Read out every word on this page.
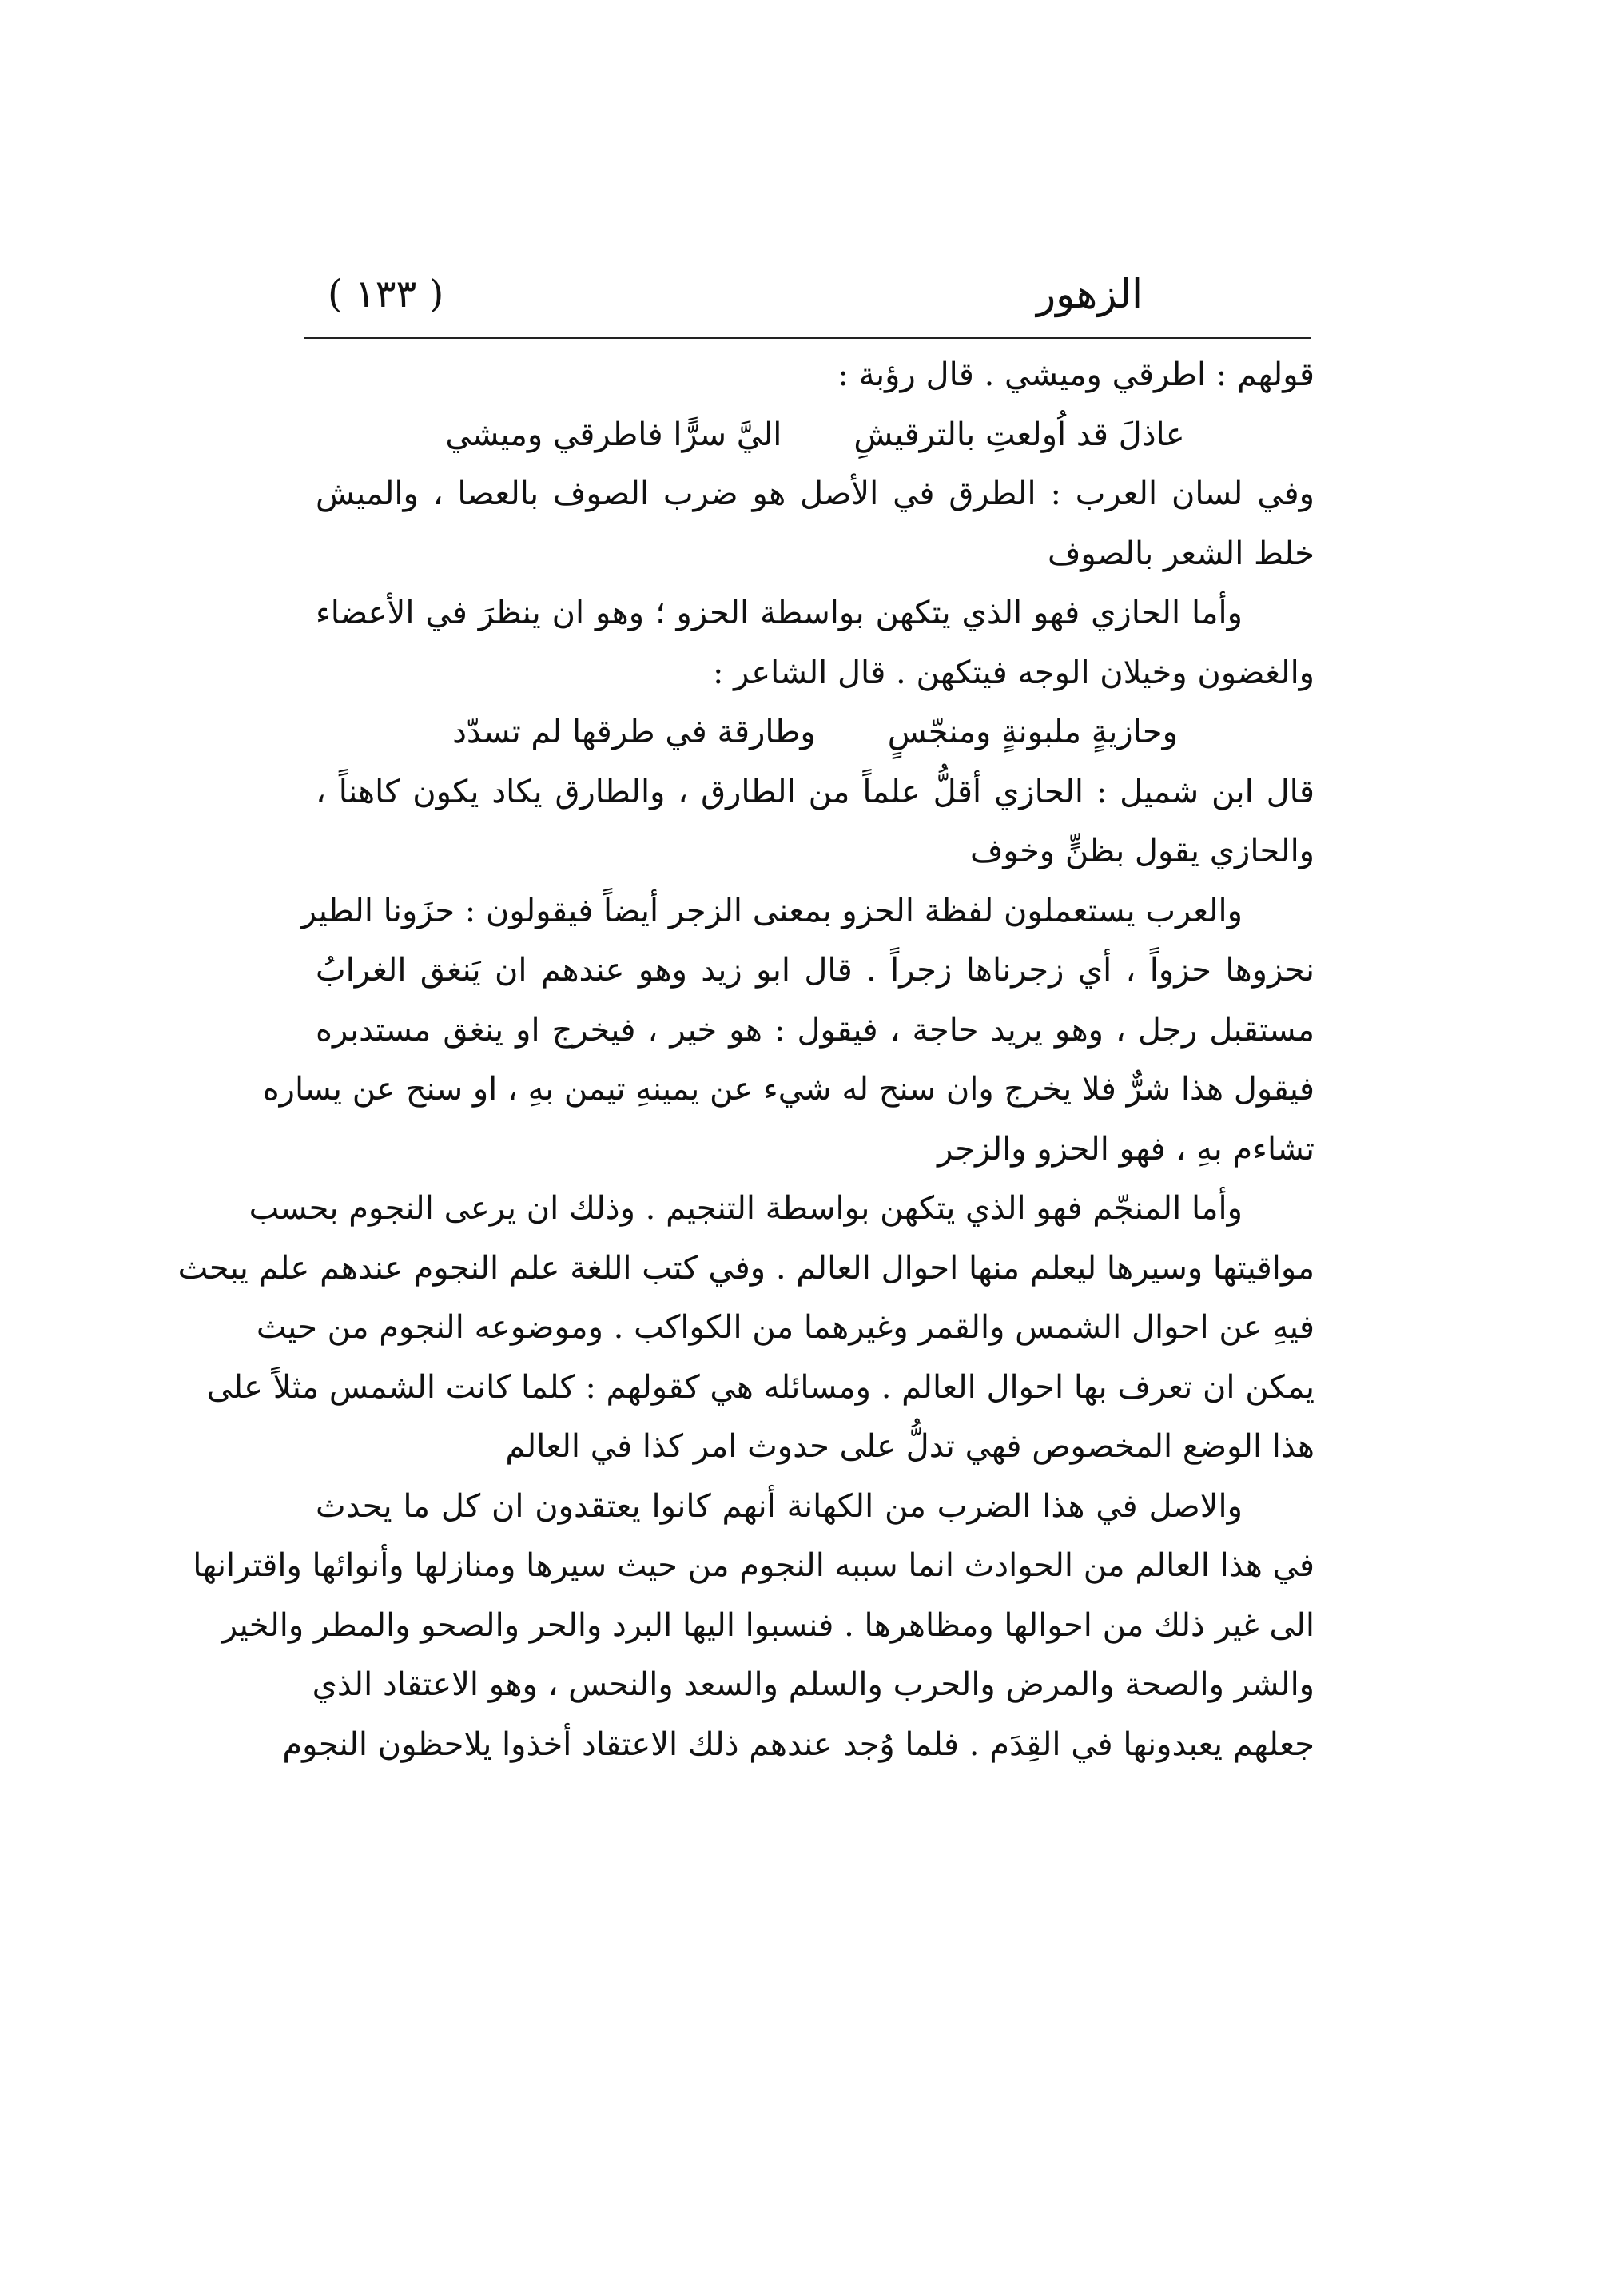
الزهور
( ١٣٣ )
قولهم : اطرقي وميشي . قال رؤبة :
عاذلَ قد اُولعتِ بالترقيشِ
اليَّ سرًّا فاطرقي وميشي
وفي لسان العرب : الطرق في الأصل هو ضرب الصوف بالعصا ، والميش
خلط الشعر بالصوف
وأما الحازي فهو الذي يتكهن بواسطة الحزو ؛ وهو ان ينظرَ في الأعضاء
والغضون وخيلان الوجه فيتكهن . قال الشاعر :
وحازيةٍ ملبونةٍ ومنجّسٍ
وطارقة في طرقها لم تسدّد
قال ابن شميل : الحازي أقلُّ علماً من الطارق ، والطارق يكاد يكون كاهناً ،
والحازي يقول بظنٍّ وخوف
والعرب يستعملون لفظة الحزو بمعنى الزجر أيضاً فيقولون : حزَونا الطير
نحزوها حزواً ، أي زجرناها زجراً . قال ابو زيد وهو عندهم ان يَنغق الغرابُ
مستقبل رجل ، وهو يريد حاجة ، فيقول : هو خير ، فيخرج او ينغق مستدبره
فيقول هذا شرٌّ فلا يخرج وان سنح له شيء عن يمينهِ تيمن بهِ ، او سنح عن يساره
تشاءم بهِ ، فهو الحزو والزجر
وأما المنجّم فهو الذي يتكهن بواسطة التنجيم . وذلك ان يرعى النجوم بحسب
مواقيتها وسيرها ليعلم منها احوال العالم . وفي كتب اللغة علم النجوم عندهم علم يبحث
فيهِ عن احوال الشمس والقمر وغيرهما من الكواكب . وموضوعه النجوم من حيث
يمكن ان تعرف بها احوال العالم . ومسائله هي كقولهم : كلما كانت الشمس مثلاً على
هذا الوضع المخصوص فهي تدلُّ على حدوث امر كذا في العالم
والاصل في هذا الضرب من الكهانة أنهم كانوا يعتقدون ان كل ما يحدث
في هذا العالم من الحوادث انما سببه النجوم من حيث سيرها ومنازلها وأنوائها واقترانها
الى غير ذلك من احوالها ومظاهرها . فنسبوا اليها البرد والحر والصحو والمطر والخير
والشر والصحة والمرض والحرب والسلم والسعد والنحس ، وهو الاعتقاد الذي
جعلهم يعبدونها في القِدَم . فلما وُجد عندهم ذلك الاعتقاد أخذوا يلاحظون النجوم
